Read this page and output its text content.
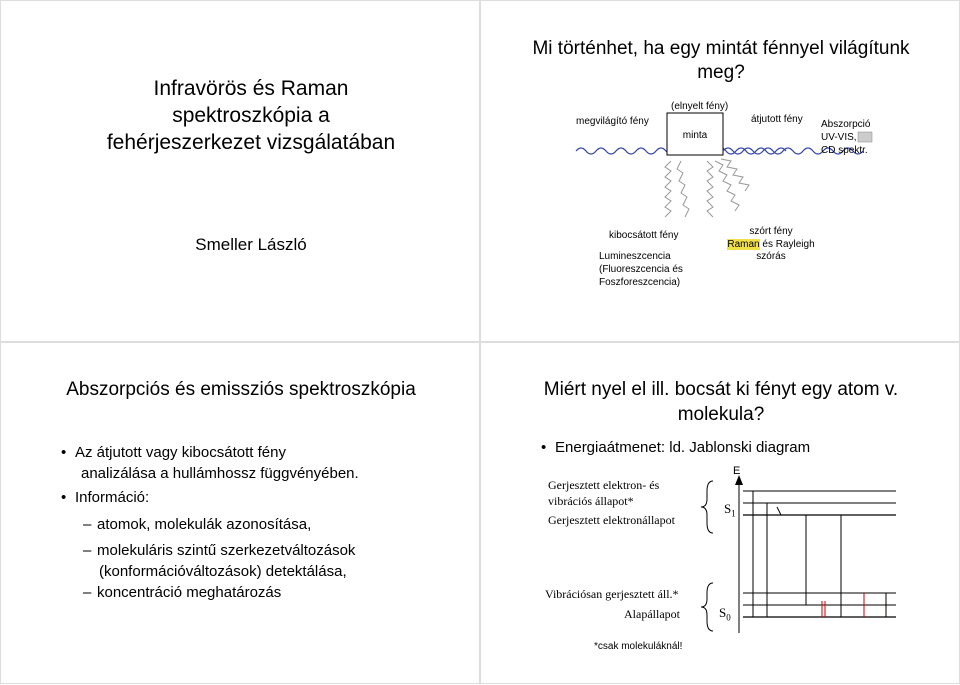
Infravörös és Raman spektroszkópia a fehérjeszerkezet vizsgálatában
Smeller László
Mi történhet, ha egy mintát fénnyel világítunk meg?
megvilágító fény
(elnyelt fény)
minta
átjutott fény Abszorpció
UV-VIS,
CD spektr.
kibocsátott fény
Lumineszcencia
(Fluoreszcencia és
Foszforeszcencia)
szórt fény
Raman és Rayleigh
szórás
Abszorpciós és emissziós spektroszkópia
• Az átjutott vagy kibocsátott fény
analizálása a hullámhossz függvényében.
• Információ:
– atomok, molekulák azonosítása,
– molekuláris szintű szerkezetváltozások
(konformációváltozások) detektálása,
– koncentráció meghatározás
Miért nyel el ill. bocsát ki fényt egy atom v. molekula?
• Energiaátmenet: ld. Jablonski diagram
E
Gerjesztett elektron- és
vibrációs állapot*
Gerjesztett elektronállapot
$S_1$
Vibrációsan gerjesztett áll.*
Alapállapot	$S_0$
*csak molekuláknál!
